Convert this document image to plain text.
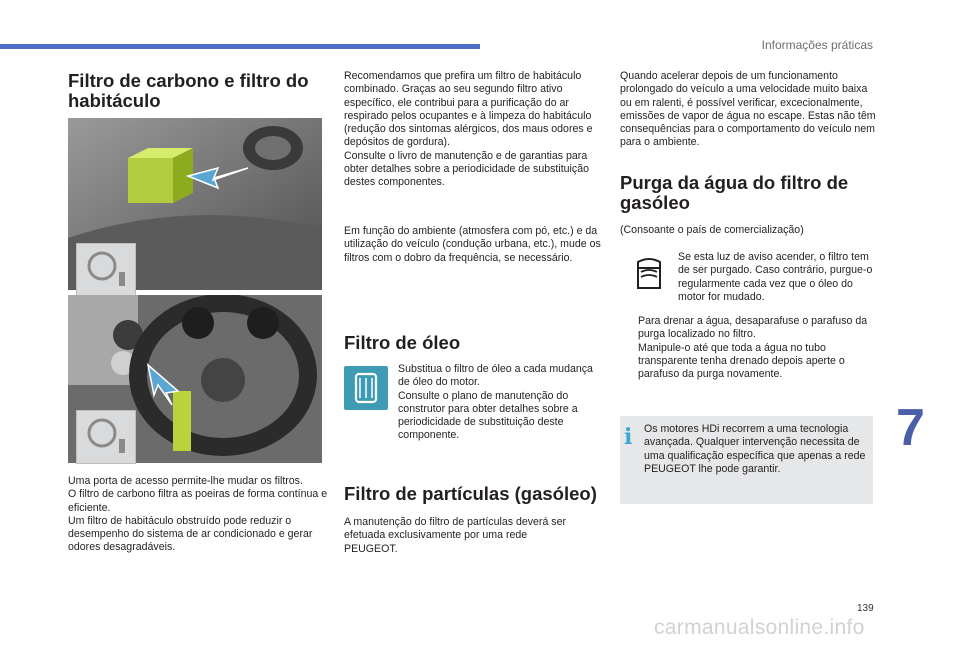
Informações práticas
7
139
Filtro de carbono e filtro do habitáculo
Uma porta de acesso permite-lhe mudar os filtros.
O filtro de carbono filtra as poeiras de forma contínua e eficiente.
Um filtro de habitáculo obstruído pode reduzir o desempenho do sistema de ar condicionado e gerar odores desagradáveis.
Recomendamos que prefira um filtro de habitáculo combinado. Graças ao seu segundo filtro ativo específico, ele contribui para a purificação do ar respirado pelos ocupantes e à limpeza do habitáculo (redução dos sintomas alérgicos, dos maus odores e depósitos de gordura).
Consulte o livro de manutenção e de garantias para obter detalhes sobre a periodicidade de substituição destes componentes.
Em função do ambiente (atmosfera com pó, etc.) e da utilização do veículo (condução urbana, etc.), mude os filtros com o dobro da frequência, se necessário.
Filtro de óleo
Substitua o filtro de óleo a cada mudança de óleo do motor.
Consulte o plano de manutenção do construtor para obter detalhes sobre a periodicidade de substituição deste componente.
Filtro de partículas (gasóleo)
A manutenção do filtro de partículas deverá ser efetuada exclusivamente por uma rede PEUGEOT.
Quando acelerar depois de um funcionamento prolongado do veículo a uma velocidade muito baixa ou em ralenti, é possível verificar, excecionalmente, emissões de vapor de água no escape. Estas não têm consequências para o comportamento do veículo nem para o ambiente.
Purga da água do filtro de gasóleo
(Consoante o país de comercialização)
Se esta luz de aviso acender, o filtro tem de ser purgado. Caso contrário, purgue-o regularmente cada vez que o óleo do motor for mudado.
Para drenar a água, desaparafuse o parafuso da purga localizado no filtro.
Manipule-o até que toda a água no tubo transparente tenha drenado depois aperte o parafuso da purga novamente.
i Os motores HDi recorrem a uma tecnologia avançada. Qualquer intervenção necessita de uma qualificação específica que apenas a rede PEUGEOT lhe pode garantir.
carmanualsonline.info
